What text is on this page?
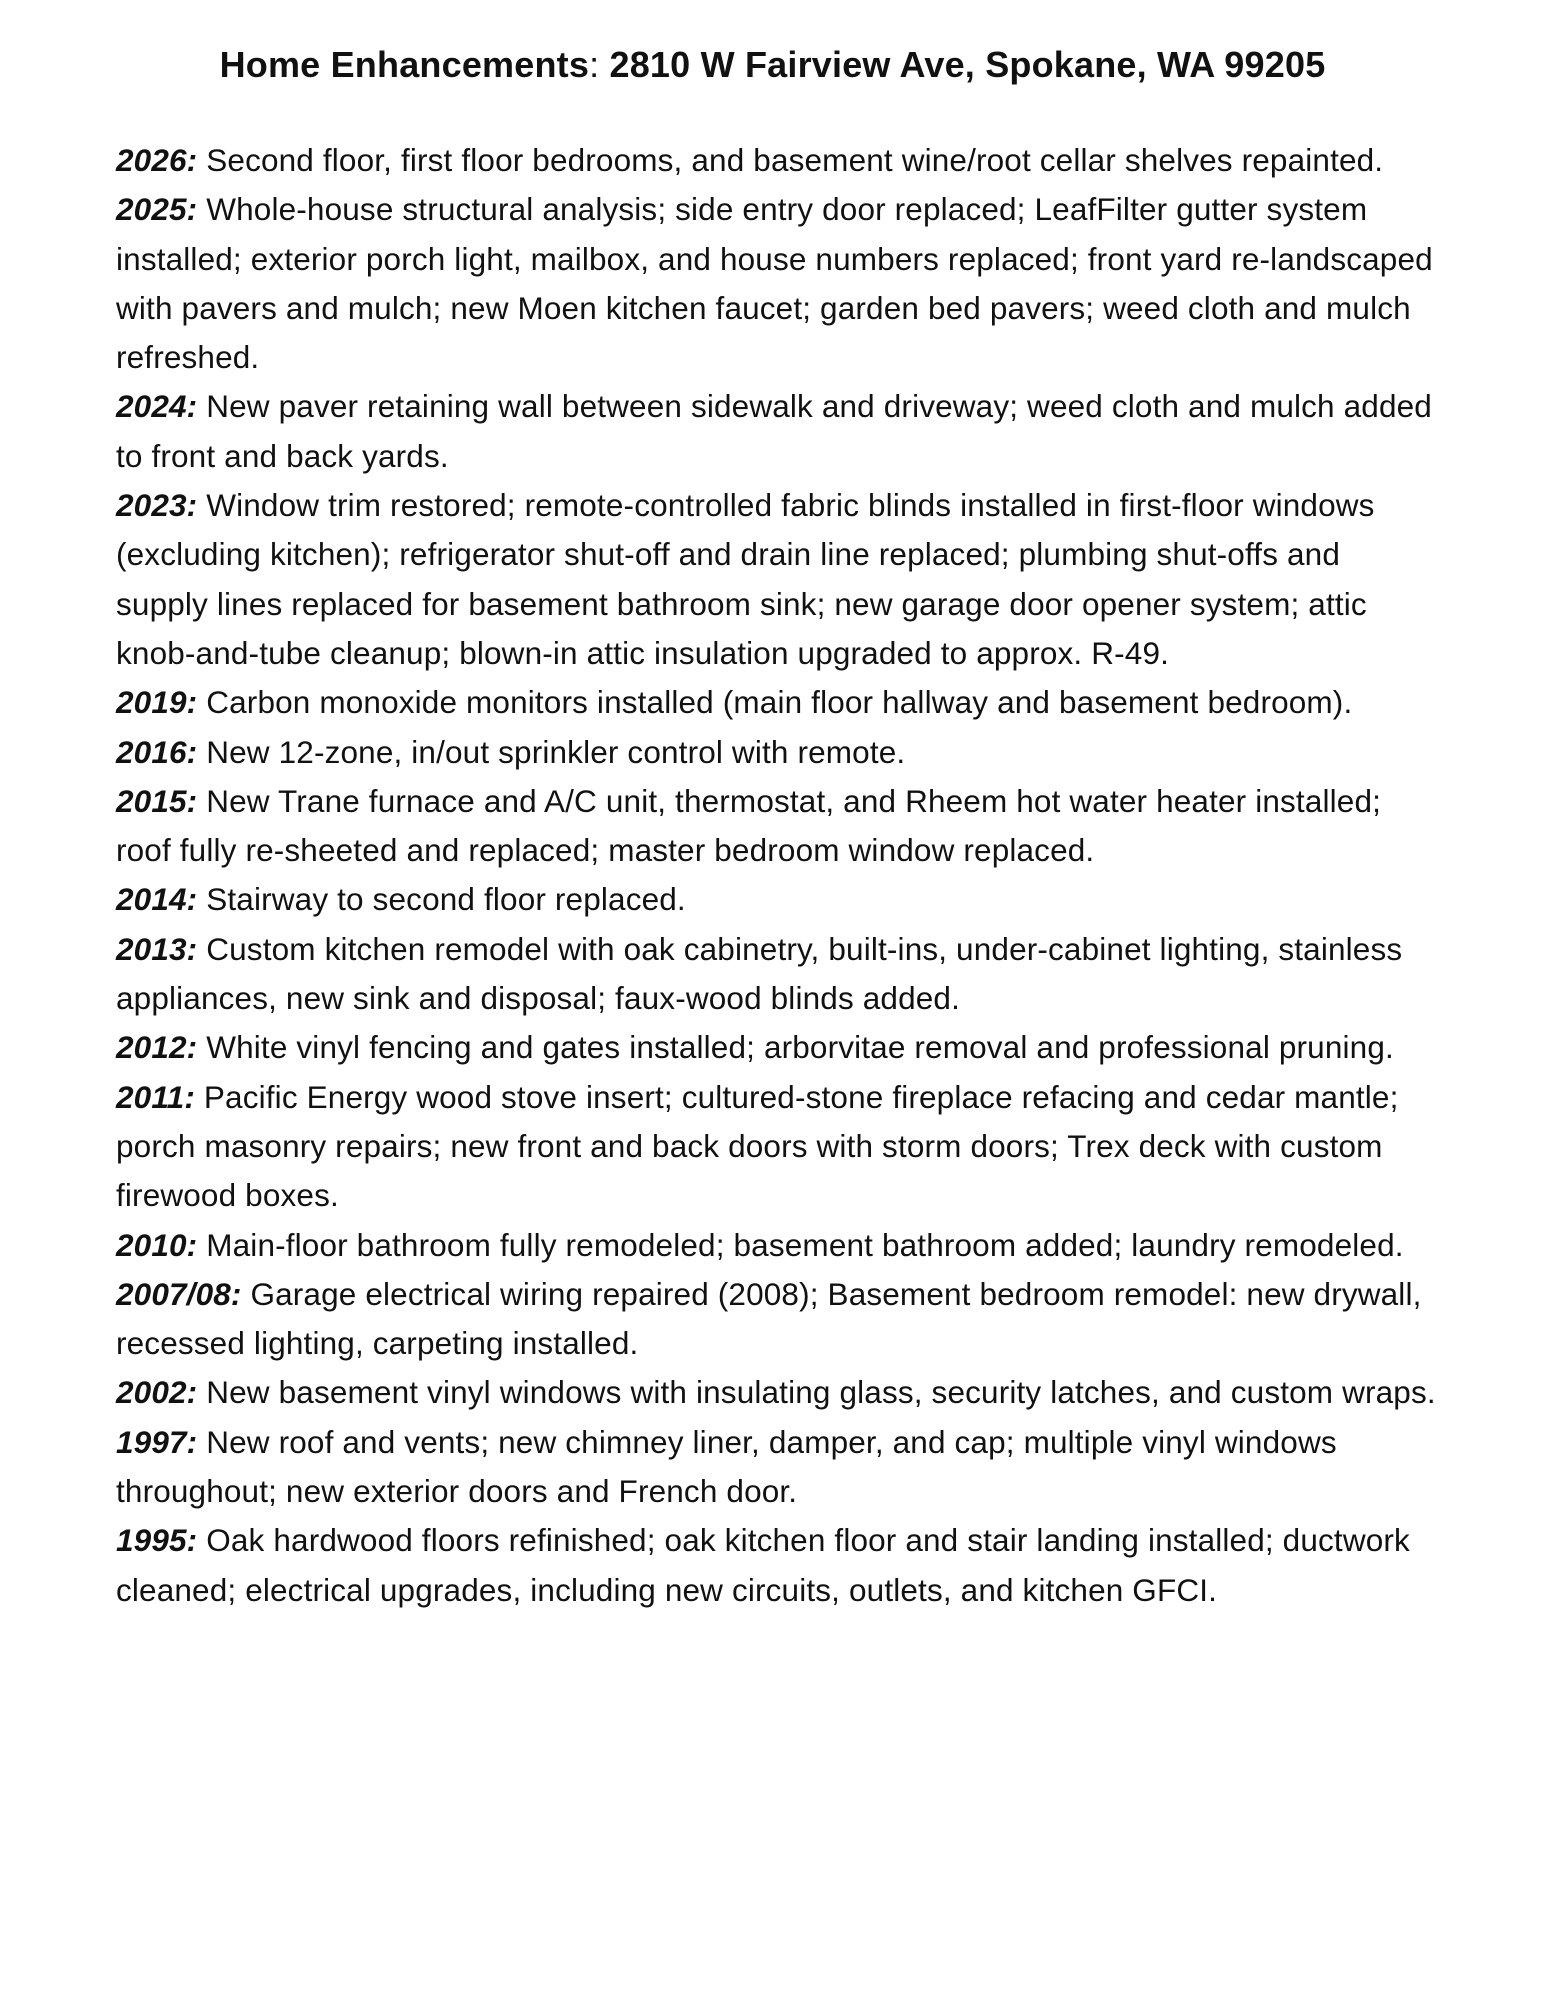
Home Enhancements: 2810 W Fairview Ave, Spokane, WA 99205

2026: Second floor, first floor bedrooms, and basement wine/root cellar shelves repainted.

2025: Whole-house structural analysis; side entry door replaced; LeafFilter gutter system installed; exterior porch light, mailbox, and house numbers replaced; front yard re-landscaped with pavers and mulch; new Moen kitchen faucet; garden bed pavers; weed cloth and mulch refreshed.

2024: New paver retaining wall between sidewalk and driveway; weed cloth and mulch added to front and back yards.

2023: Window trim restored; remote-controlled fabric blinds installed in first-floor windows (excluding kitchen); refrigerator shut-off and drain line replaced; plumbing shut-offs and supply lines replaced for basement bathroom sink; new garage door opener system; attic knob-and-tube cleanup; blown-in attic insulation upgraded to approx. R-49.

2019: Carbon monoxide monitors installed (main floor hallway and basement bedroom).

2016: New 12-zone, in/out sprinkler control with remote.

2015: New Trane furnace and A/C unit, thermostat, and Rheem hot water heater installed; roof fully re-sheeted and replaced; master bedroom window replaced.

2014: Stairway to second floor replaced.

2013: Custom kitchen remodel with oak cabinetry, built-ins, under-cabinet lighting, stainless appliances, new sink and disposal; faux-wood blinds added.

2012: White vinyl fencing and gates installed; arborvitae removal and professional pruning.

2011: Pacific Energy wood stove insert; cultured-stone fireplace refacing and cedar mantle; porch masonry repairs; new front and back doors with storm doors; Trex deck with custom firewood boxes.

2010: Main-floor bathroom fully remodeled; basement bathroom added; laundry remodeled.

2007/08: Garage electrical wiring repaired (2008); Basement bedroom remodel: new drywall, recessed lighting, carpeting installed.

2002: New basement vinyl windows with insulating glass, security latches, and custom wraps.

1997: New roof and vents; new chimney liner, damper, and cap; multiple vinyl windows throughout; new exterior doors and French door.

1995: Oak hardwood floors refinished; oak kitchen floor and stair landing installed; ductwork cleaned; electrical upgrades, including new circuits, outlets, and kitchen GFCI.
